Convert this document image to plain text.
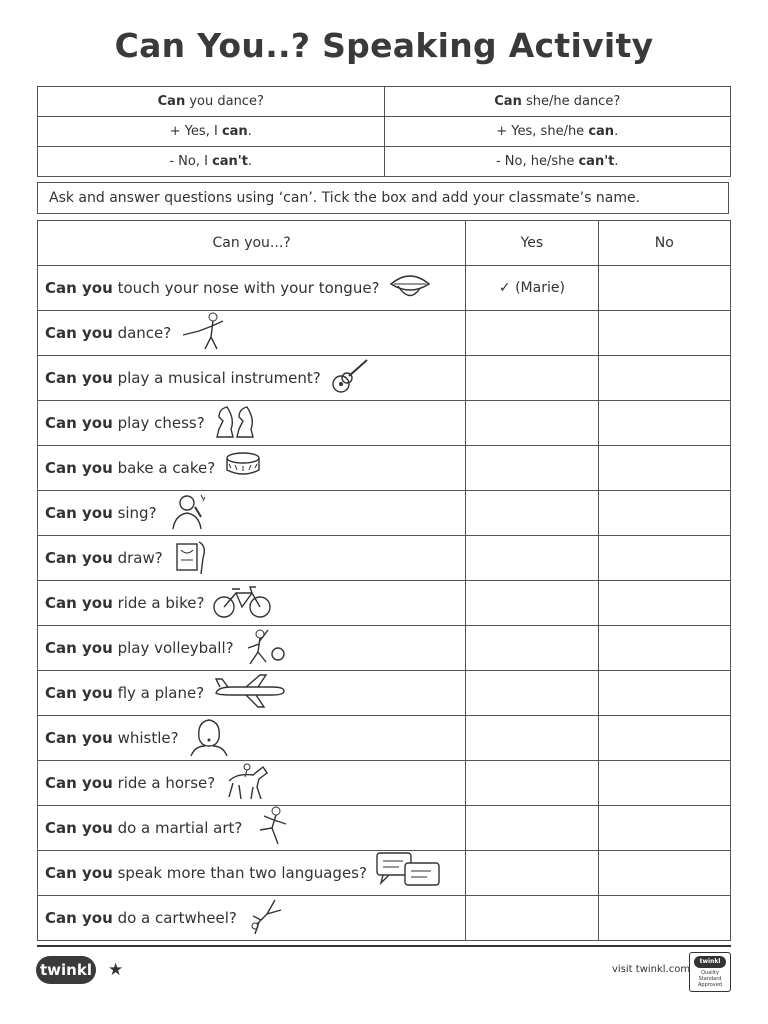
Can You..? Speaking Activity
Can you dance?	Can she/he dance?
+ Yes, I can.	+ Yes, she/he can.
- No, I can't.	- No, he/she can't.
Ask and answer questions using ‘can’. Tick the box and add your classmate’s name.
Can you...?	Yes	No

Can you touch your nose with your tongue?	✓ (Marie)	

Can you dance?		

Can you play a musical instrument?		

Can you play chess?		

Can you bake a cake?		

Can you sing?		

Can you draw?		

Can you ride a bike?		

Can you play volleyball?		

Can you fly a plane?		

Can you whistle?		

Can you ride a horse?		

Can you do a martial art?		

Can you speak more than two languages?		

Can you do a cartwheel?		

twinkl ★	visit twinkl.com
twinkl
Quality Standard Approved
